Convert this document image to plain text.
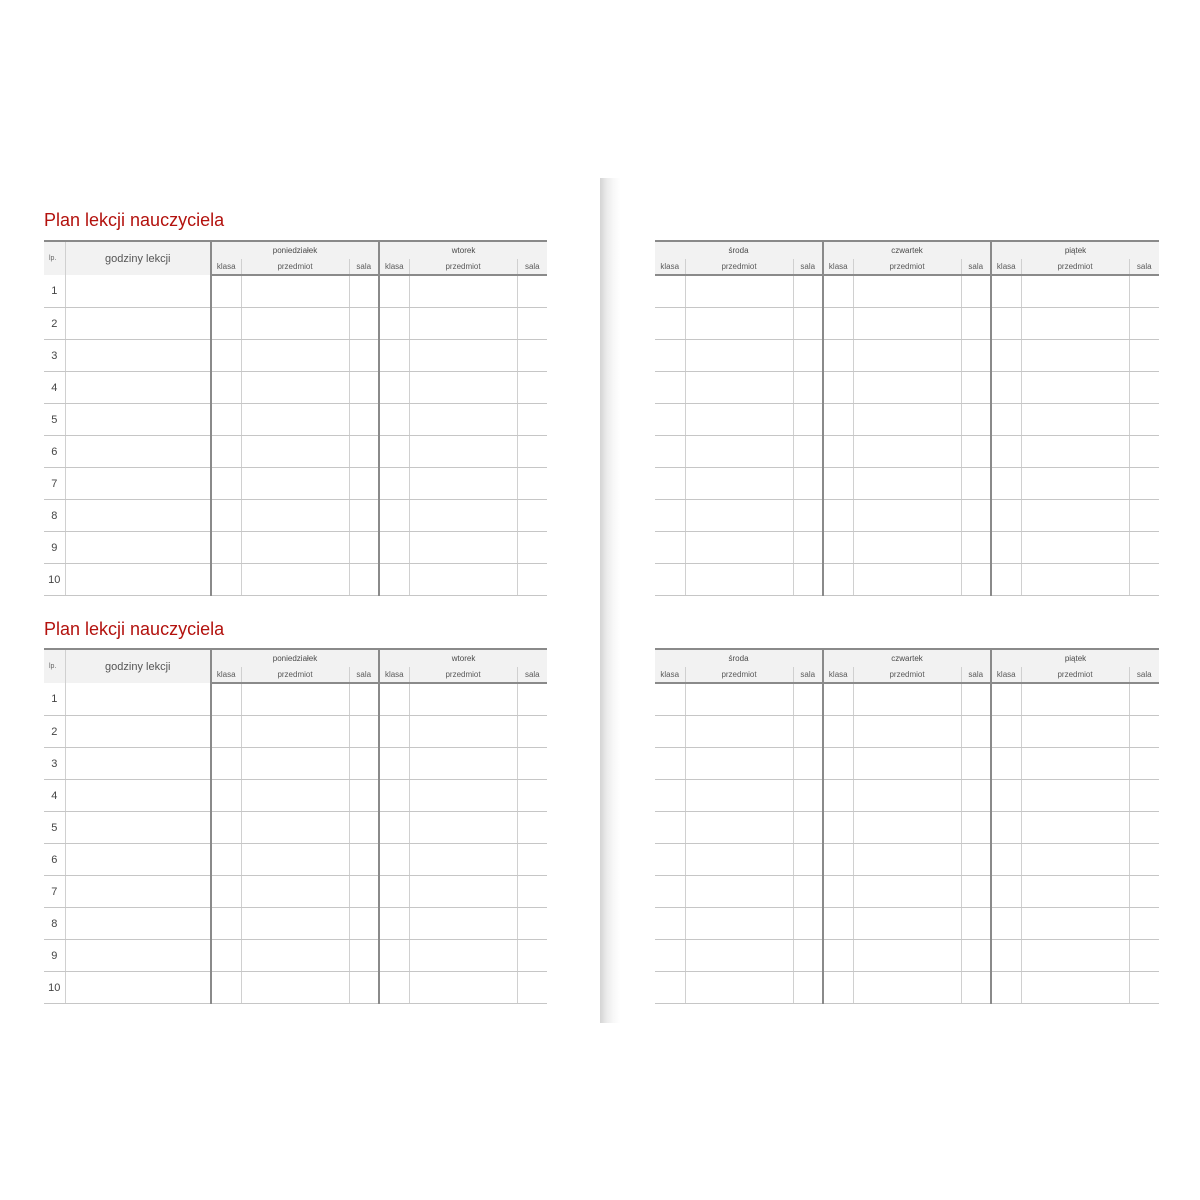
Plan lekcji nauczyciela
lp.	godziny lekcji	poniedziałek			wtorek		
		klasa	przedmiot	sala	klasa	przedmiot	sala
1							
2							
3							
4							
5							
6							
7							
8							
9							
10							
środa			czwartek			piątek		
klasa	przedmiot	sala	klasa	przedmiot	sala	klasa	przedmiot	sala

Plan lekcji nauczyciela
lp.	godziny lekcji	poniedziałek			wtorek		
		klasa	przedmiot	sala	klasa	przedmiot	sala
1							
2							
3							
4							
5							
6							
7							
8							
9							
10							
środa			czwartek			piątek		
klasa	przedmiot	sala	klasa	przedmiot	sala	klasa	przedmiot	sala
